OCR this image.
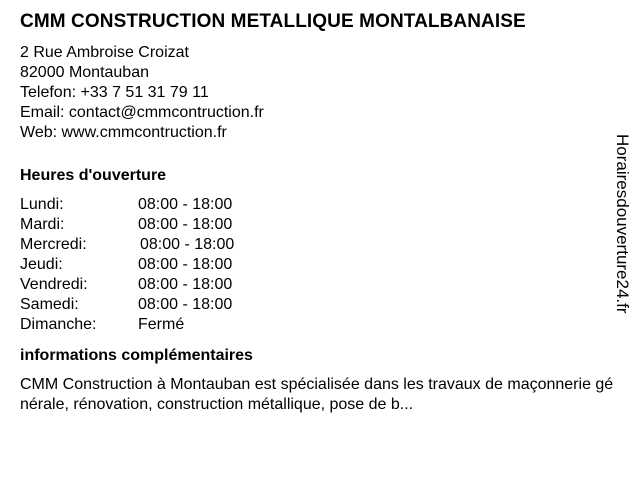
CMM CONSTRUCTION METALLIQUE MONTALBANAISE
2 Rue Ambroise Croizat
82000 Montauban
Telefon: +33 7 51 31 79 11
Email: contact@cmmcontruction.fr
Web: www.cmmcontruction.fr
Heures d'ouverture
Lundi:	08:00 - 18:00
Mardi:	08:00 - 18:00
Mercredi:	08:00 - 18:00
Jeudi:	08:00 - 18:00
Vendredi:	08:00 - 18:00
Samedi:	08:00 - 18:00
Dimanche:	Fermé
informations complémentaires
CMM Construction à Montauban est spécialisée dans les travaux de maçonnerie générale, rénovation, construction métallique, pose de b...
Horairesdouverture24.fr
